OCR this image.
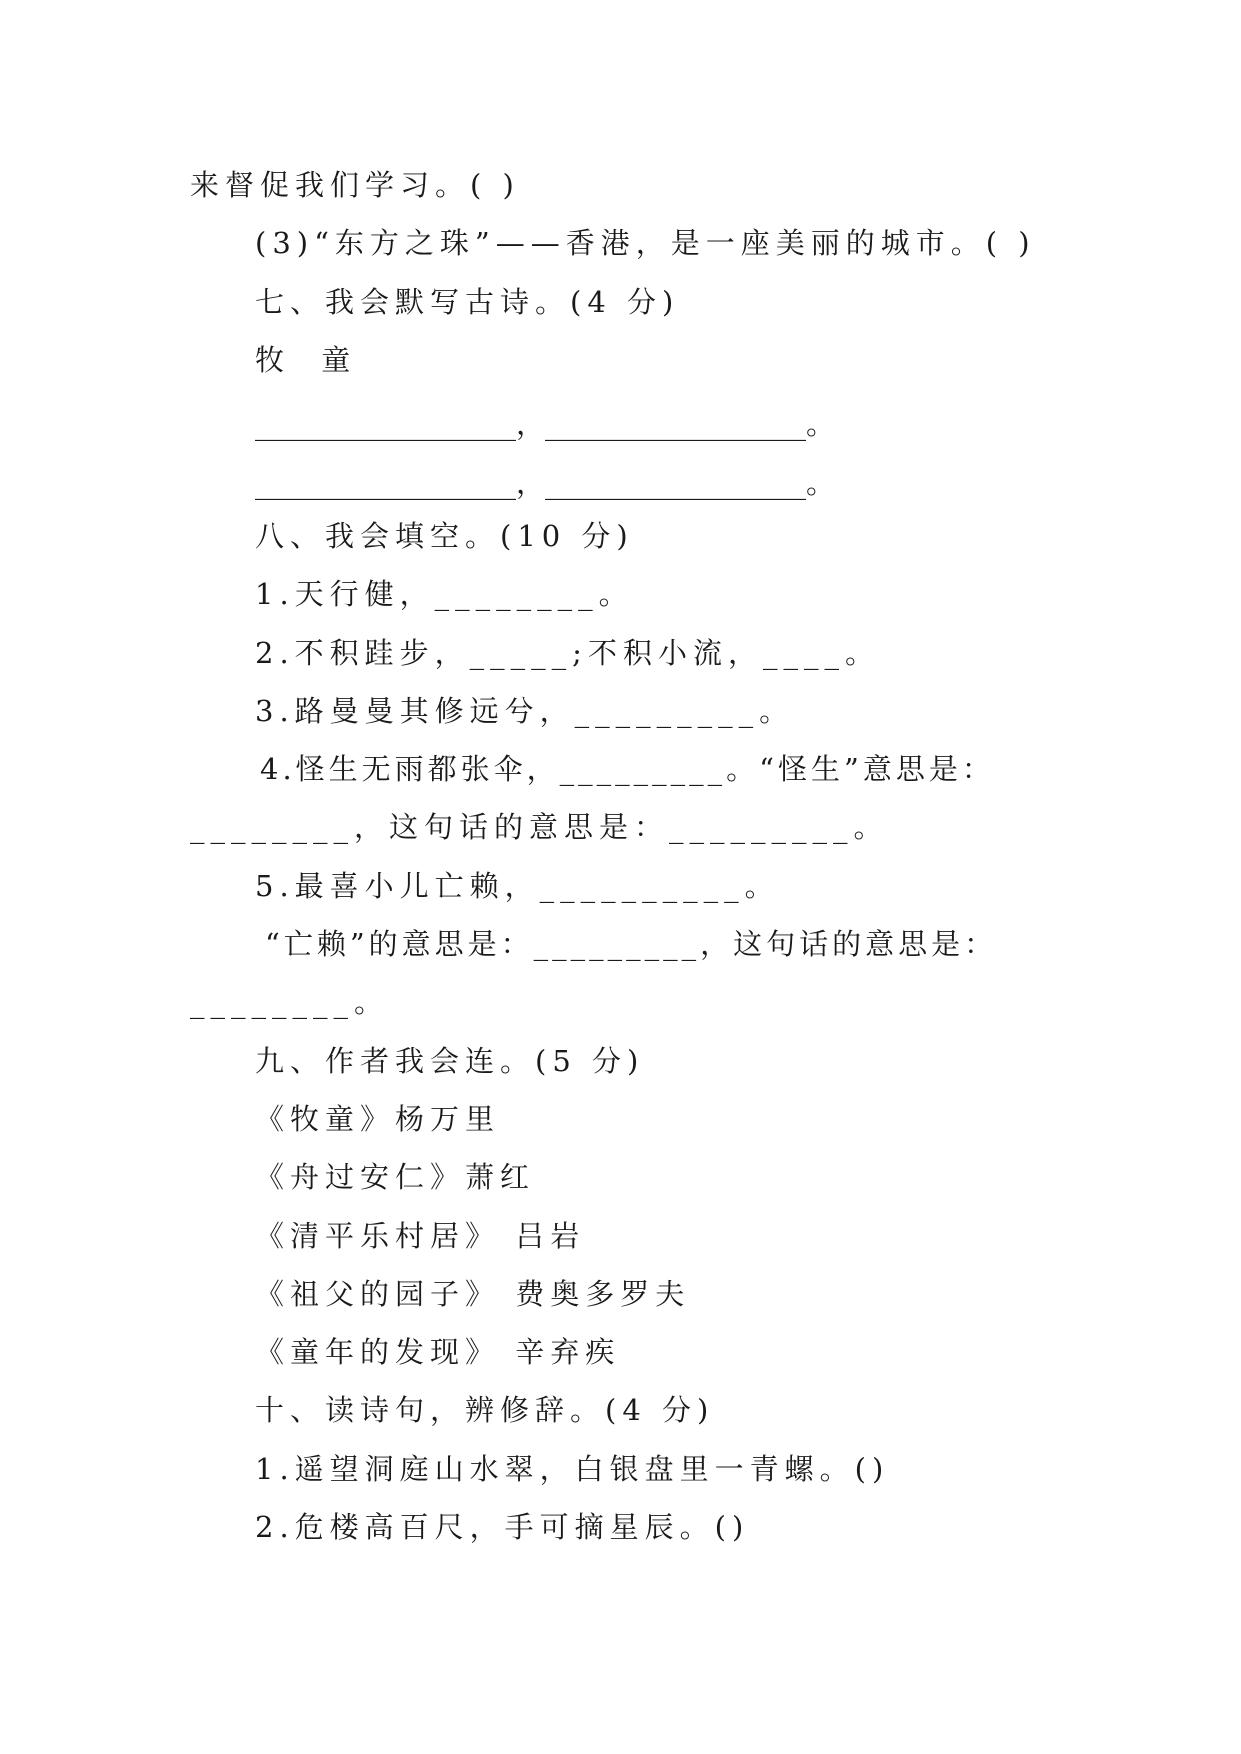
来督促我们学习。( )
(3)“东方之珠”——香港，是一座美丽的城市。( )
七、我会默写古诗。(4 分)
牧 童
__________________，__________________。
__________________，__________________。
八、我会填空。(10 分)
1.天行健，________。
2.不积跬步，_____;不积小流，____。
3.路曼曼其修远兮，_________。
4.怪生无雨都张伞，_________。“怪生”意思是：
________，这句话的意思是：_________。
5.最喜小儿亡赖，__________。
“亡赖”的意思是：_________，这句话的意思是：
________。
九、作者我会连。(5 分)
《牧童》杨万里
《舟过安仁》萧红
《清平乐村居》 吕岩
《祖父的园子》 费奥多罗夫
《童年的发现》 辛弃疾
十、读诗句，辨修辞。(4 分)
1.遥望洞庭山水翠，白银盘里一青螺。()
2.危楼高百尺，手可摘星辰。()
